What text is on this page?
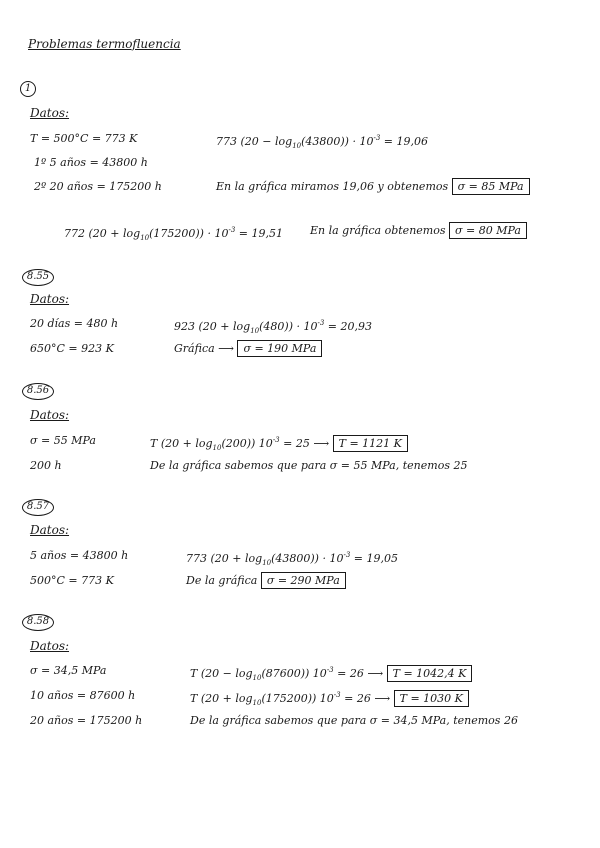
Problemas termofluencia
1
Datos:
T = 500°C = 773 K	773 $(20 - \log_{10}(43800)) \cdot 10^{-3} = 19,06$
1º 5 años = 43800 h
2º 20 años = 175200 h	En la gráfica miramos 19,06 y obtenemos σ = 85 MPa
772 $(20 + \log_{10}(175200)) \cdot 10^{-3} = 19,51$ En la gráfica obtenemos σ = 80 MPa
8.55
Datos:
20 días = 480 h	923 $(20 + \log_{10}(480)) \cdot 10^{-3} = 20,93$
650°C = 923 K	Gráfica ⟶ σ = 190 MPa
8.56
Datos:
σ = 55 MPa	T $(20 + \log_{10}(200))$ $10^{-3} = 25$ ⟶ T = 1121 K
200 h	De la gráfica sabemos que para σ = 55 MPa, tenemos 25
8.57
Datos:
5 años = 43800 h	773 $(20 + \log_{10}(43800)) \cdot 10^{-3} = 19,05$
500°C = 773 K	De la gráfica σ = 290 MPa
8.58
Datos:
σ = 34,5 MPa	T $(20 - \log_{10}(87600))$ $10^{-3} = 26$ ⟶ T = 1042,4 K
10 años = 87600 h	T $(20 + \log_{10}(175200))$ $10^{-3} = 26$ ⟶ T = 1030 K
20 años = 175200 h	De la gráfica sabemos que para σ = 34,5 MPa, tenemos 26
